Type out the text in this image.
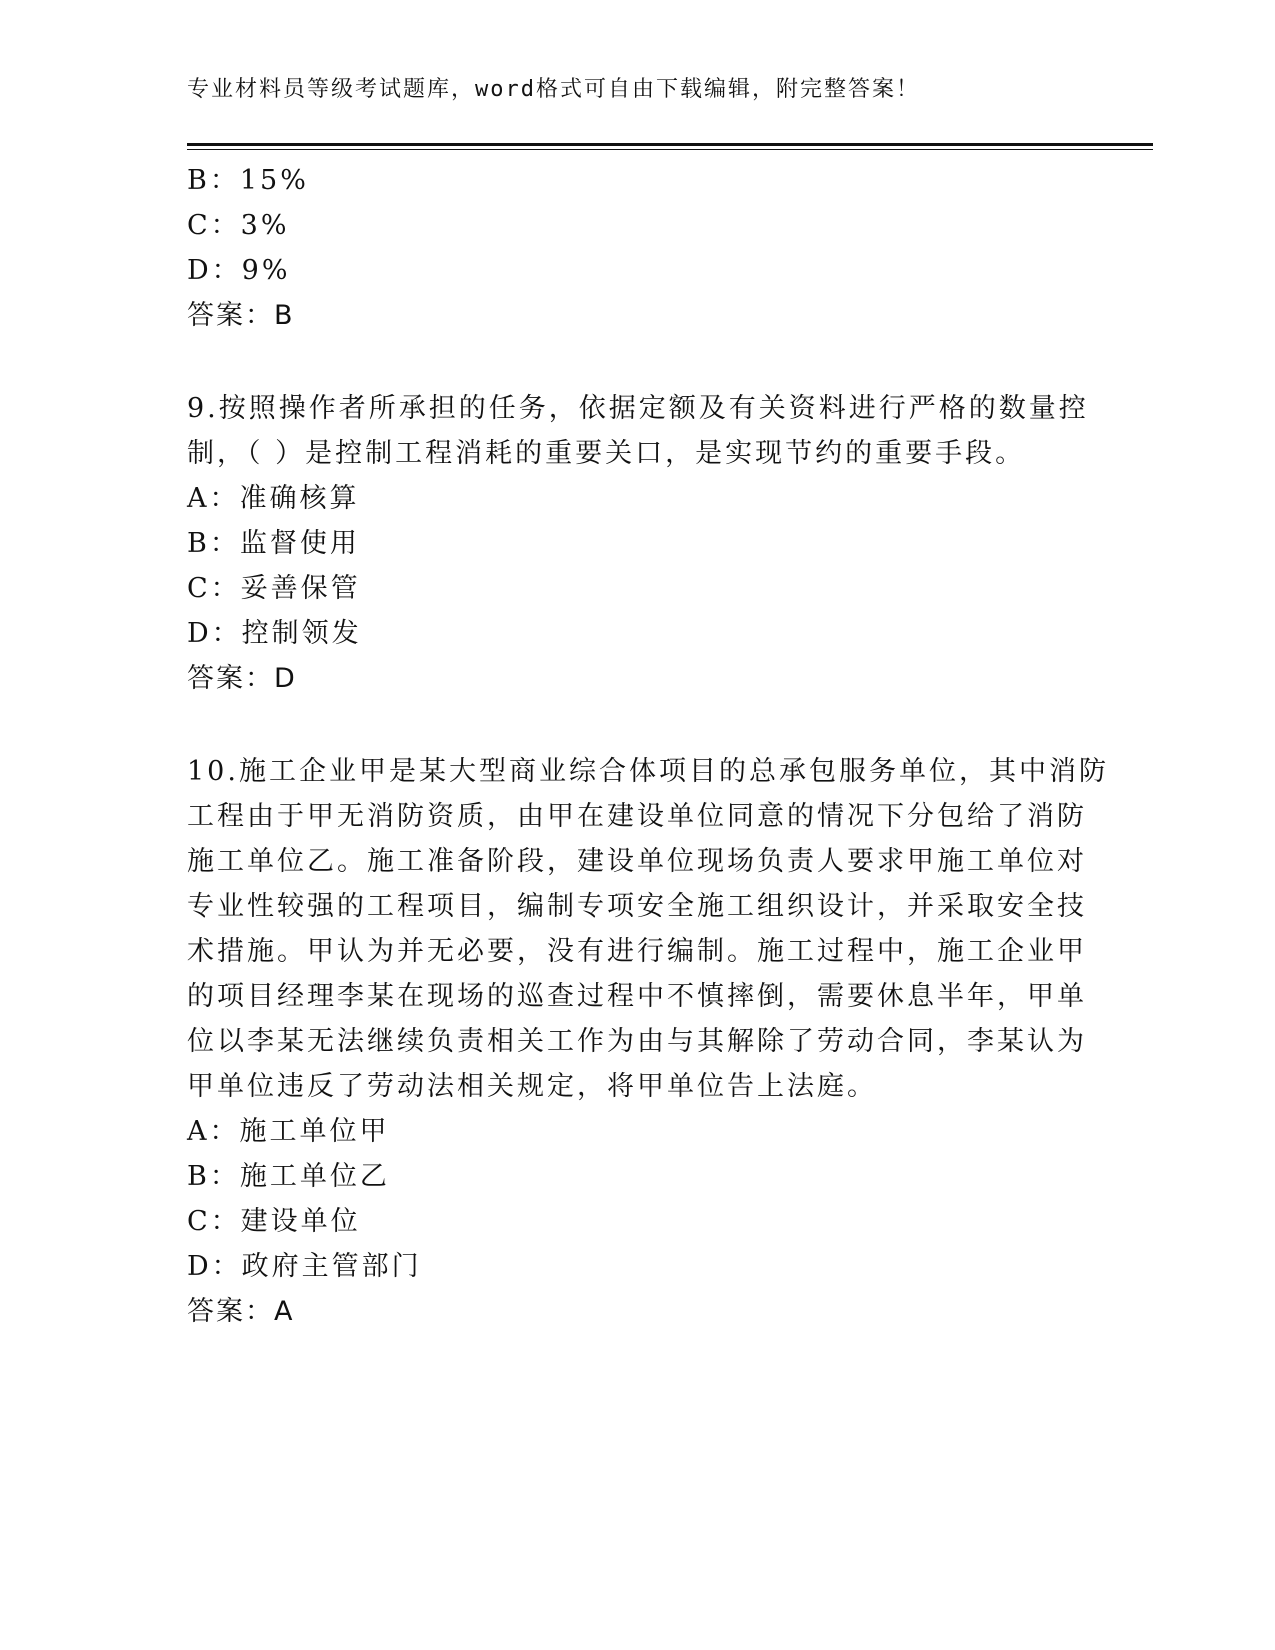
专业材料员等级考试题库，word格式可自由下载编辑，附完整答案！
B：15%
C：3%
D：9%
答案：B
9.按照操作者所承担的任务，依据定额及有关资料进行严格的数量控
制，（ ）是控制工程消耗的重要关口，是实现节约的重要手段。
A：准确核算
B：监督使用
C：妥善保管
D：控制领发
答案：D
10.施工企业甲是某大型商业综合体项目的总承包服务单位，其中消防
工程由于甲无消防资质，由甲在建设单位同意的情况下分包给了消防
施工单位乙。施工准备阶段，建设单位现场负责人要求甲施工单位对
专业性较强的工程项目，编制专项安全施工组织设计，并采取安全技
术措施。甲认为并无必要，没有进行编制。施工过程中，施工企业甲
的项目经理李某在现场的巡查过程中不慎摔倒，需要休息半年，甲单
位以李某无法继续负责相关工作为由与其解除了劳动合同，李某认为
甲单位违反了劳动法相关规定，将甲单位告上法庭。
A：施工单位甲
B：施工单位乙
C：建设单位
D：政府主管部门
答案：A
